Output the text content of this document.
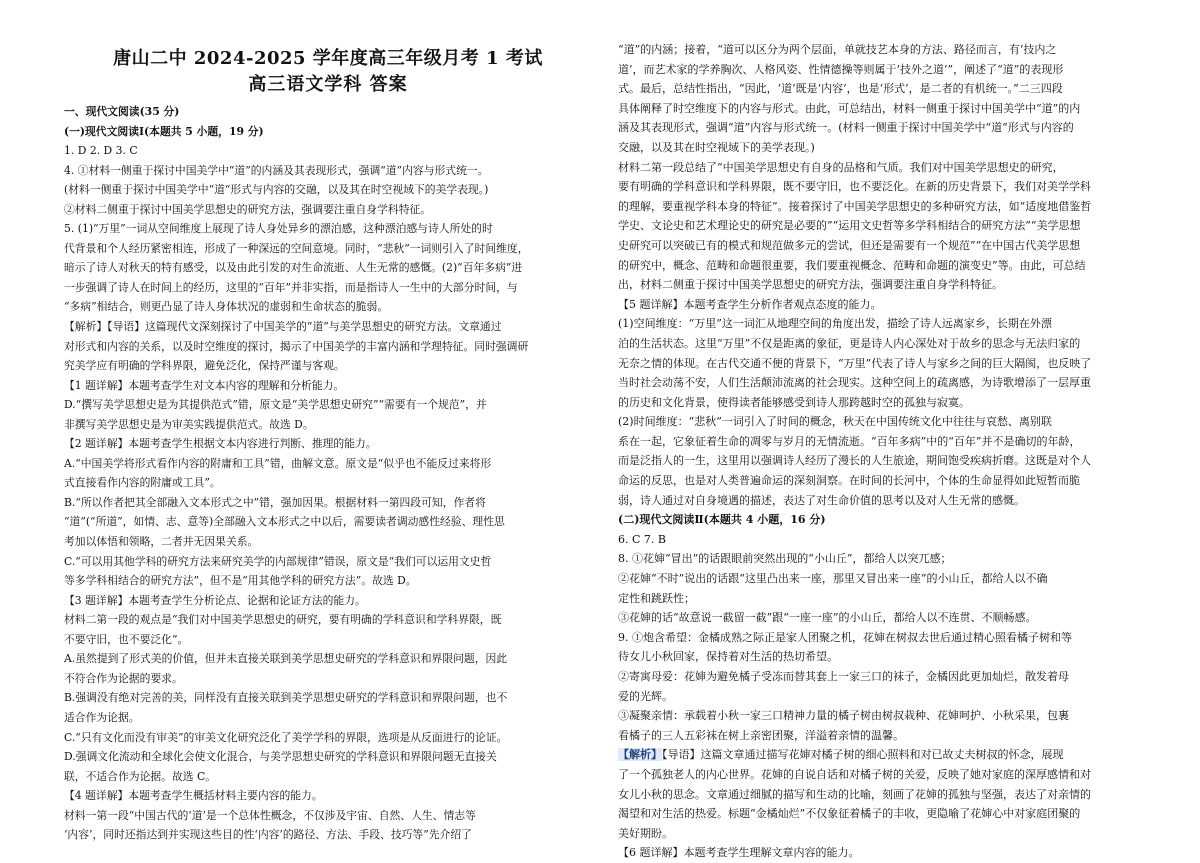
唐山二中 2024-2025 学年度高三年级月考 1 考试
高三语文学科 答案
一、现代文阅读(35 分)
(一)现代文阅读Ⅰ(本题共 5 小题，19 分)
1. D 2. D 3. C
4. ①材料一侧重于探讨中国美学中“道”的内涵及其表现形式，强调“道”内容与形式统一。
(材料一侧重于探讨中国美学中“道“形式与内容的交融，以及其在时空视域下的美学表现。)
②材料二侧重于探讨中国美学思想史的研究方法，强调要注重自身学科特征。
5. (1)“万里”一词从空间维度上展现了诗人身处异乡的漂泊感，这种漂泊感与诗人所处的时
代背景和个人经历紧密相连，形成了一种深远的空间意境。同时，“悲秋”一词则引入了时间维度，
暗示了诗人对秋天的特有感受，以及由此引发的对生命流逝、人生无常的感慨。(2)“百年多病”进
一步强调了诗人在时间上的经历，这里的“百年”并非实指，而是指诗人一生中的大部分时间，与
“多病”相结合，则更凸显了诗人身体状况的虚弱和生命状态的脆弱。
【解析】【导语】这篇现代文深刻探讨了中国美学的“道”与美学思想史的研究方法。文章通过
对形式和内容的关系，以及时空维度的探讨，揭示了中国美学的丰富内涵和学理特征。同时强调研
究美学应有明确的学科界限，避免泛化，保持严谨与客观。
【1 题详解】本题考查学生对文本内容的理解和分析能力。
D.“撰写美学思想史是为其提供范式”错，原文是“美学思想史研究”“需要有一个规范”，并
非撰写美学思想史是为审美实践提供范式。故选 D。
【2 题详解】本题考查学生根据文本内容进行判断、推理的能力。
A.“中国美学将形式看作内容的附庸和工具”错，曲解文意。原文是“似乎也不能反过来将形
式直接看作内容的附庸或工具”。
B.“所以作者把其全部融入文本形式之中”错，强加因果。根据材料一第四段可知，作者将
“道”(“所道”，如情、志、意等)全部融入文本形式之中以后，需要读者调动感性经验、理性思
考加以体悟和领略，二者并无因果关系。
C.“可以用其他学科的研究方法来研究美学的内部规律”错误，原文是“我们可以运用文史哲
等多学科相结合的研究方法”，但不是“用其他学科的研究方法”。故选 D。
【3 题详解】本题考查学生分析论点、论据和论证方法的能力。
材料二第一段的观点是“我们对中国美学思想史的研究，要有明确的学科意识和学科界限，既
不要守旧，也不要泛化”。
A.虽然提到了形式美的价值，但并未直接关联到美学思想史研究的学科意识和界限问题，因此
不符合作为论据的要求。
B.强调没有绝对完善的美，同样没有直接关联到美学思想史研究的学科意识和界限问题，也不
适合作为论据。
C.“只有文化而没有审美”的审美文化研究泛化了美学学科的界限，选项是从反面进行的论证。
D.强调文化流动和全球化会使文化混合，与美学思想史研究的学科意识和界限问题无直接关
联，不适合作为论据。故选 C。
【4 题详解】本题考查学生概括材料主要内容的能力。
材料一第一段“中国古代的‘道’是一个总体性概念，不仅涉及宇宙、自然、人生、情志等
‘内容’，同时还指达到并实现这些目的性‘内容’的路径、方法、手段、技巧等”先介绍了
“道”的内涵；接着，“道可以区分为两个层面，单就技艺本身的方法、路径而言，有‘技内之
道’，而艺术家的学养胸次、人格风姿、性情德操等则属于‘技外之道’”，阐述了“道”的表现形
式。最后，总结性指出，“因此，‘道’既是‘内容’，也是‘形式’，是二者的有机统一。”二三四段
具体阐释了时空维度下的内容与形式。由此，可总结出，材料一侧重于探讨中国美学中“道”的内
涵及其表现形式，强调“道”内容与形式统一。(材料一侧重于探讨中国美学中“道“形式与内容的
交融，以及其在时空视域下的美学表现。)
材料二第一段总结了“中国美学思想史有自身的品格和气质。我们对中国美学思想史的研究，
要有明确的学科意识和学科界限，既不要守旧，也不要泛化。在新的历史背景下，我们对美学学科
的理解，要重视学科本身的特征”。接着探讨了中国美学思想史的多种研究方法，如“适度地借鉴哲
学史、文论史和艺术理论史的研究是必要的”“运用文史哲等多学科相结合的研究方法”“美学思想
史研究可以突破已有的模式和规范做多元的尝试，但还是需要有一个规范”“在中国古代美学思想
的研究中，概念、范畴和命题很重要，我们要重视概念、范畴和命题的演变史”等。由此，可总结
出，材料二侧重于探讨中国美学思想史的研究方法，强调要注重自身学科特征。
【5 题详解】本题考查学生分析作者观点态度的能力。
(1)空间维度：“万里”这一词汇从地理空间的角度出发，描绘了诗人远离家乡，长期在外漂
泊的生活状态。这里“万里”不仅是距离的象征，更是诗人内心深处对于故乡的思念与无法归家的
无奈之情的体现。在古代交通不便的背景下，“万里”代表了诗人与家乡之间的巨大隔阂，也反映了
当时社会动荡不安，人们生活颠沛流离的社会现实。这种空间上的疏离感，为诗歌增添了一层厚重
的历史和文化背景，使得读者能够感受到诗人那跨越时空的孤独与寂寞。
(2)时间维度：“悲秋”一词引入了时间的概念，秋天在中国传统文化中往往与哀愁、离别联
系在一起，它象征着生命的凋零与岁月的无情流逝。“百年多病”中的“百年”并不是确切的年龄，
而是泛指人的一生，这里用以强调诗人经历了漫长的人生旅途，期间饱受疾病折磨。这既是对个人
命运的反思，也是对人类普遍命运的深刻洞察。在时间的长河中，个体的生命显得如此短暂而脆
弱，诗人通过对自身境遇的描述，表达了对生命价值的思考以及对人生无常的感慨。
(二)现代文阅读Ⅱ(本题共 4 小题，16 分)
6. C 7. B
8. ①花婶“冒出”的话跟眼前突然出现的“小山丘”，都给人以突兀感；
②花婶“不时”说出的话跟“这里凸出来一座，那里又冒出来一座”的小山丘，都给人以不确
定性和跳跃性；
③花婶的话“故意说一截留一截”跟“一座一座”的小山丘，都给人以不连贯、不顺畅感。
9. ①炮含希望：金橘成熟之际正是家人团聚之机，花婶在树叔去世后通过精心照看橘子树和等
待女儿小秋回家，保持着对生活的热切希望。
②寄寓母爱：花婶为避免橘子受冻而替其套上一家三口的袜子，金橘因此更加灿烂，散发着母
爱的光辉。
③凝聚亲情：承载着小秋一家三口精神力量的橘子树由树叔栽种、花婶呵护、小秋采果，包裹
看橘子的三人五彩袜在树上亲密团聚，洋溢着亲情的温馨。
【解析】【导语】这篇文章通过描写花婶对橘子树的细心照料和对已故丈夫树叔的怀念，展现
了一个孤独老人的内心世界。花婶的自说自话和对橘子树的关爱，反映了她对家庭的深厚感情和对
女儿小秋的思念。文章通过细腻的描写和生动的比喻，刻画了花婶的孤独与坚强，表达了对亲情的
渴望和对生活的热爱。标题“金橘灿烂”不仅象征着橘子的丰收，更隐喻了花婶心中对家庭团聚的
美好期盼。
【6 题详解】本题考查学生理解文章内容的能力。
